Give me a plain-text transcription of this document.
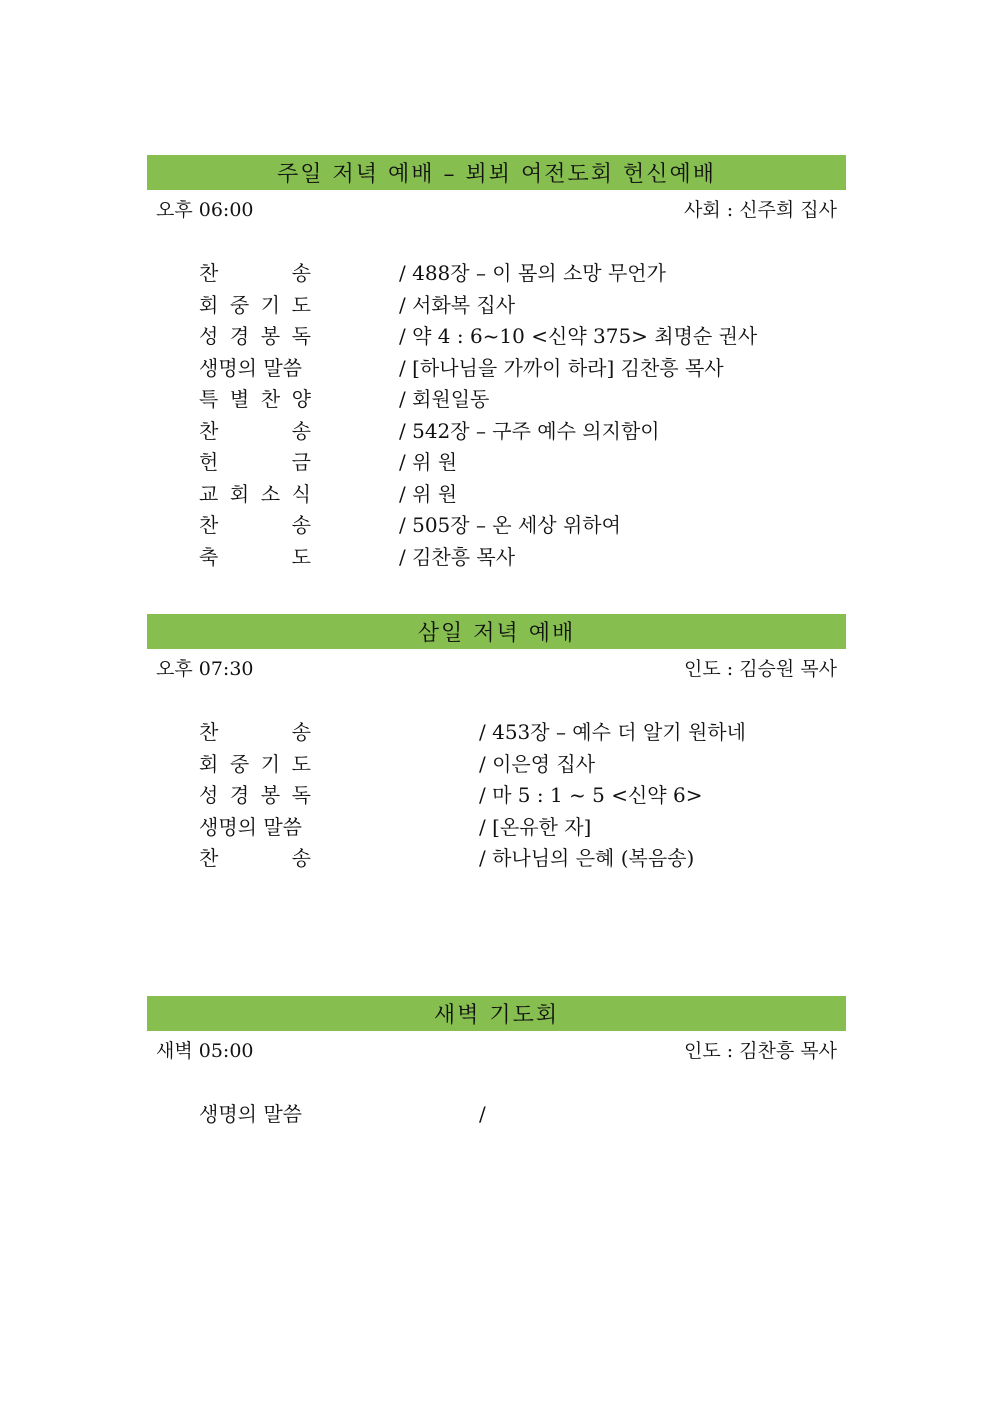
주일 저녁 예배 – 뵈뵈 여전도회 헌신예배
오후 06:00	사회 : 신주희 집사
찬	송	/ 488장 – 이 몸의 소망 무언가
회 중 기 도	/ 서화복 집사
성 경 봉 독	/ 약 4 : 6~10 <신약 375> 최명순 권사
생명의 말씀	/ [하나님을 가까이 하라] 김찬흥 목사
특 별 찬 양	/ 회원일동
찬	송	/ 542장 – 구주 예수 의지함이
헌	금	/ 위 원
교 회 소 식	/ 위 원
찬	송	/ 505장 – 온 세상 위하여
축	도	/ 김찬흥 목사
삼일 저녁 예배
오후 07:30	인도 : 김승원 목사
찬	송	/ 453장 – 예수 더 알기 원하네
회 중 기 도	/ 이은영 집사
성 경 봉 독	/ 마 5 : 1 ~ 5 <신약 6>
생명의 말씀	/ [온유한 자]
찬	송	/ 하나님의 은혜 (복음송)
새벽 기도회
새벽 05:00	인도 : 김찬흥 목사
생명의 말씀	/
